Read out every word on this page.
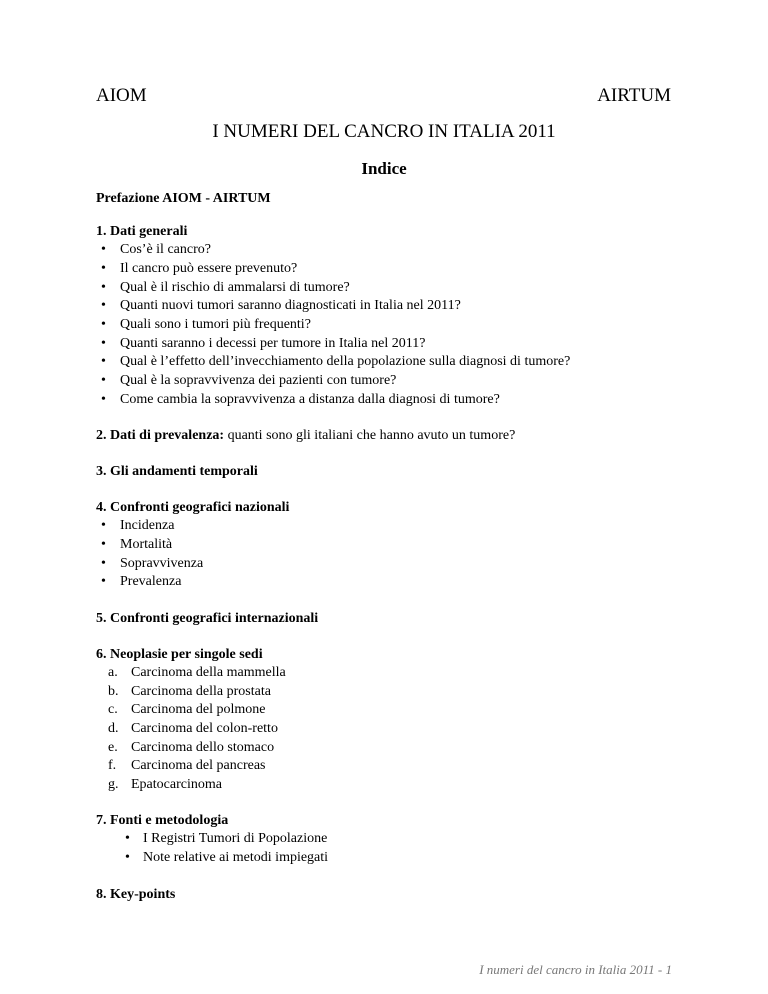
AIOM	AIRTUM
I NUMERI DEL CANCRO IN ITALIA 2011
Indice
Prefazione AIOM - AIRTUM
1. Dati generali
• Cos’è il cancro?
• Il cancro può essere prevenuto?
• Qual è il rischio di ammalarsi di tumore?
• Quanti nuovi tumori saranno diagnosticati in Italia nel 2011?
• Quali sono i tumori più frequenti?
• Quanti saranno i decessi per tumore in Italia nel 2011?
• Qual è l’effetto dell’invecchiamento della popolazione sulla diagnosi di tumore?
• Qual è la sopravvivenza dei pazienti con tumore?
• Come cambia la sopravvivenza a distanza dalla diagnosi di tumore?
2. Dati di prevalenza: quanti sono gli italiani che hanno avuto un tumore?
3. Gli andamenti temporali
4. Confronti geografici nazionali
• Incidenza
• Mortalità
• Sopravvivenza
• Prevalenza
5. Confronti geografici internazionali
6. Neoplasie per singole sedi
a. Carcinoma della mammella
b. Carcinoma della prostata
c. Carcinoma del polmone
d. Carcinoma del colon-retto
e. Carcinoma dello stomaco
f. Carcinoma del pancreas
g. Epatocarcinoma
7. Fonti e metodologia
• I Registri Tumori di Popolazione
• Note relative ai metodi impiegati
8. Key-points
I numeri del cancro in Italia 2011 - 1
